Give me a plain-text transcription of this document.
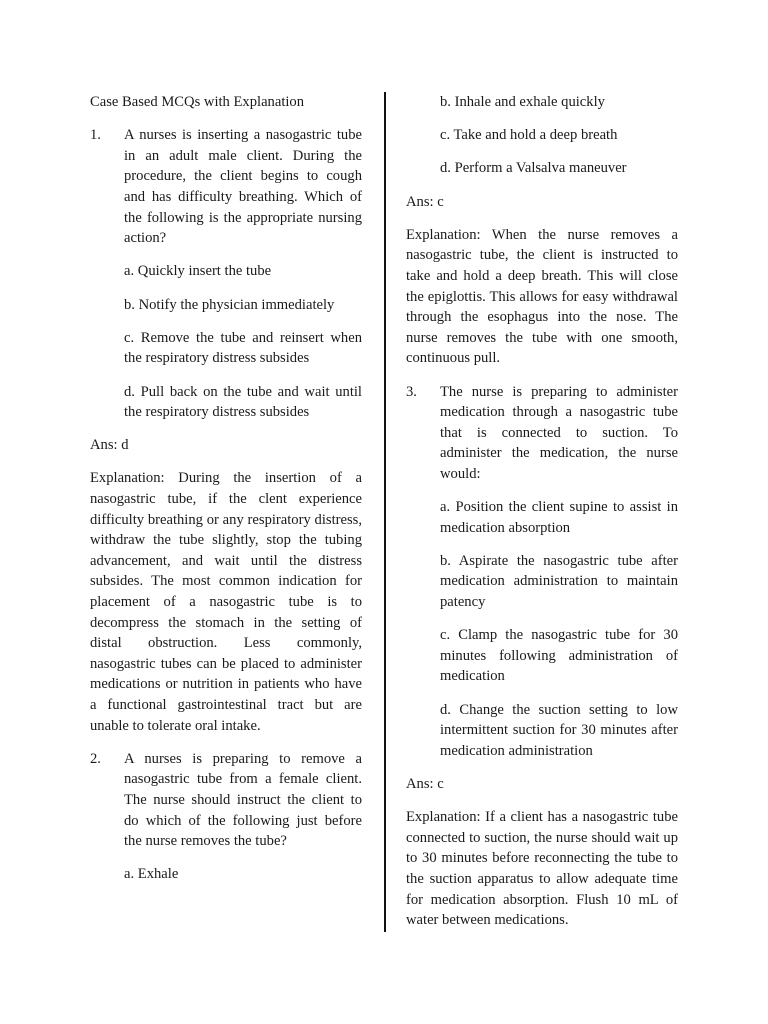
Case Based MCQs with Explanation

1.	A nurses is inserting a nasogastric tube in an adult male client. During the procedure, the client begins to cough and has difficulty breathing. Which of the following is the appropriate nursing action?

a. Quickly insert the tube

b. Notify the physician immediately

c. Remove the tube and reinsert when the respiratory distress subsides

d. Pull back on the tube and wait until the respiratory distress subsides

Ans: d

Explanation: During the insertion of a nasogastric tube, if the clent experience difficulty breathing or any respiratory distress, withdraw the tube slightly, stop the tubing advancement, and wait until the distress subsides. The most common indication for placement of a nasogastric tube is to decompress the stomach in the setting of distal obstruction. Less commonly, nasogastric tubes can be placed to administer medications or nutrition in patients who have a functional gastrointestinal tract but are unable to tolerate oral intake.

2.	A nurses is preparing to remove a nasogastric tube from a female client. The nurse should instruct the client to do which of the following just before the nurse removes the tube?

a. Exhale

b. Inhale and exhale quickly

c. Take and hold a deep breath

d. Perform a Valsalva maneuver

Ans: c

Explanation: When the nurse removes a nasogastric tube, the client is instructed to take and hold a deep breath. This will close the epiglottis. This allows for easy withdrawal through the esophagus into the nose. The nurse removes the tube with one smooth, continuous pull.

3.	The nurse is preparing to administer medication through a nasogastric tube that is connected to suction. To administer the medication, the nurse would:

a. Position the client supine to assist in medication absorption

b. Aspirate the nasogastric tube after medication administration to maintain patency

c. Clamp the nasogastric tube for 30 minutes following administration of medication

d. Change the suction setting to low intermittent suction for 30 minutes after medication administration

Ans: c

Explanation: If a client has a nasogastric tube connected to suction, the nurse should wait up to 30 minutes before reconnecting the tube to the suction apparatus to allow adequate time for medication absorption. Flush 10 mL of water between medications.
